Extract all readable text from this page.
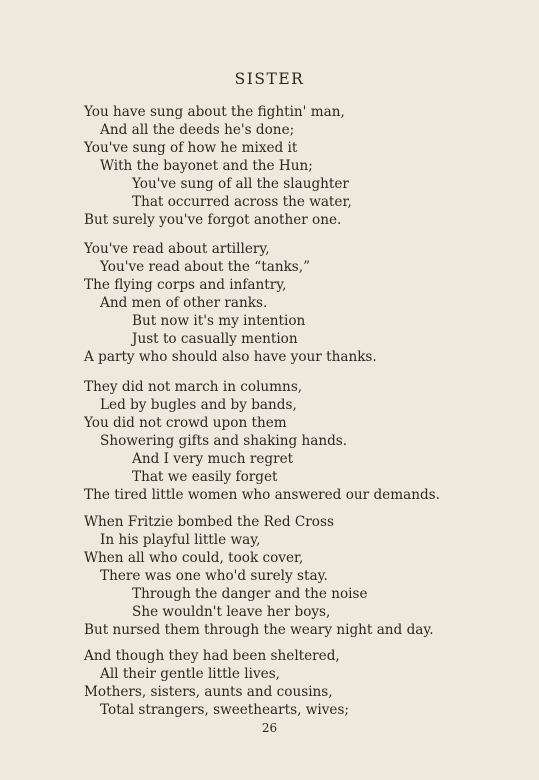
SISTER
You have sung about the fightin' man,
And all the deeds he's done;
You've sung of how he mixed it
With the bayonet and the Hun;
You've sung of all the slaughter
That occurred across the water,
But surely you've forgot another one.
You've read about artillery,
You've read about the “tanks,”
The flying corps and infantry,
And men of other ranks.
But now it's my intention
Just to casually mention
A party who should also have your thanks.
They did not march in columns,
Led by bugles and by bands,
You did not crowd upon them
Showering gifts and shaking hands.
And I very much regret
That we easily forget
The tired little women who answered our demands.
When Fritzie bombed the Red Cross
In his playful little way,
When all who could, took cover,
There was one who'd surely stay.
Through the danger and the noise
She wouldn't leave her boys,
But nursed them through the weary night and day.
And though they had been sheltered,
All their gentle little lives,
Mothers, sisters, aunts and cousins,
Total strangers, sweethearts, wives;
26
